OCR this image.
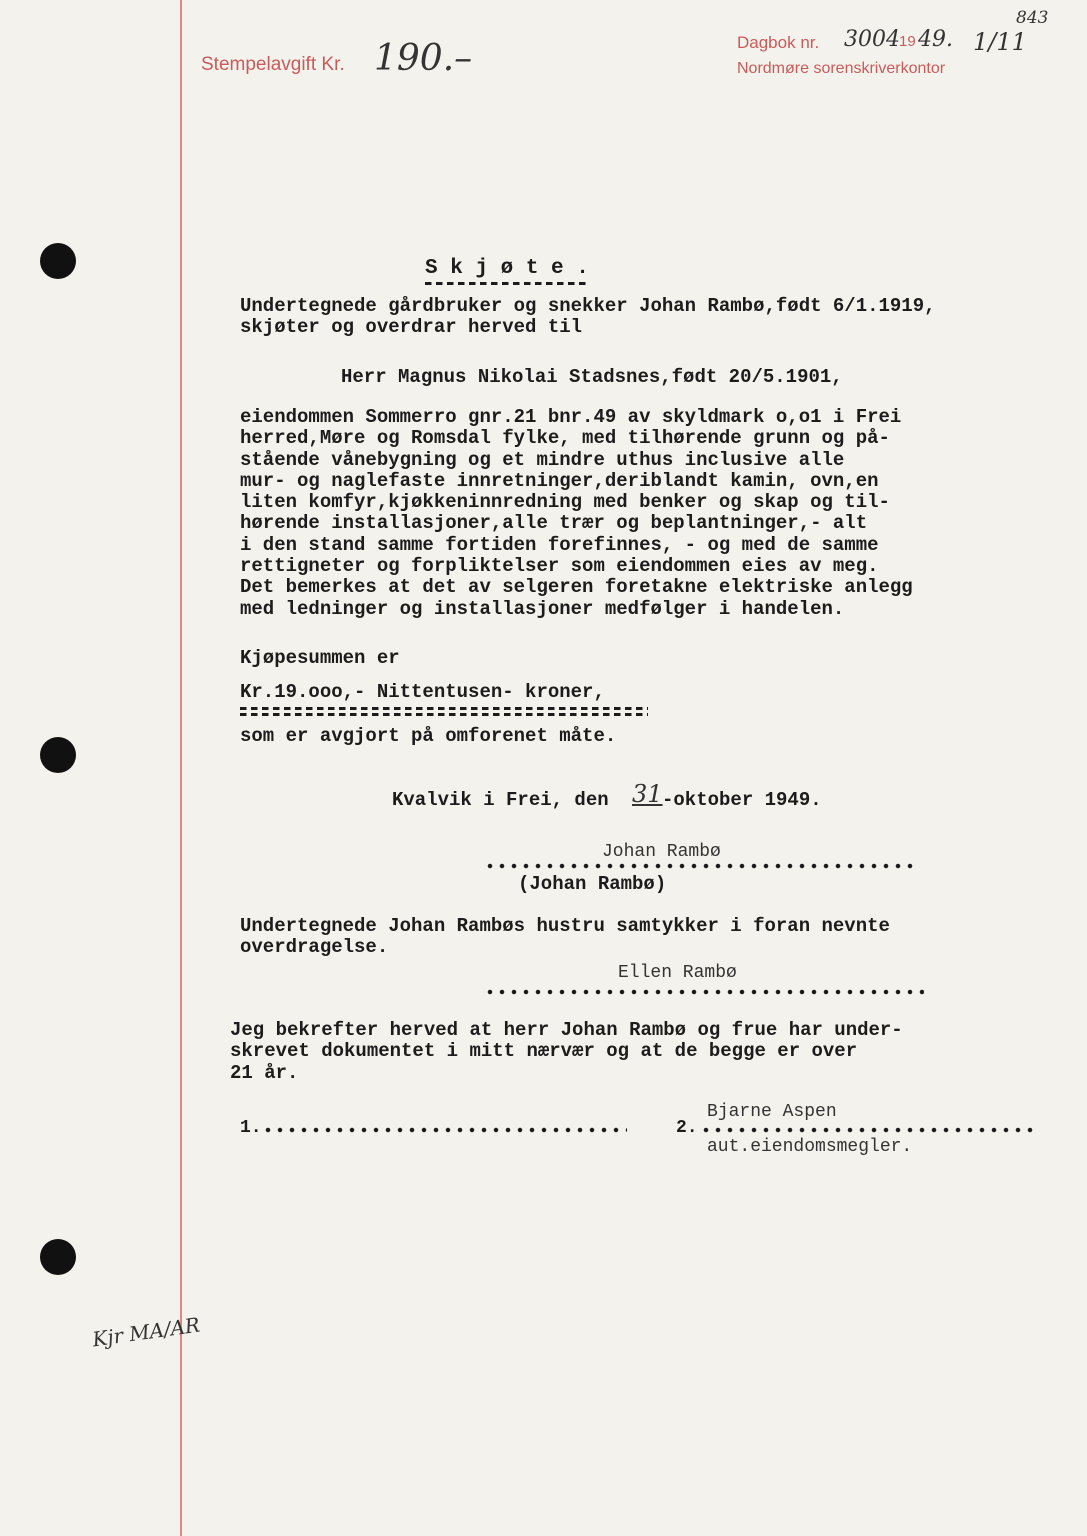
Stempelavgift Kr. 190.–	Dagbok nr. 3004 19 49. 1/11
843
Nordmøre sorenskriverkontor
S k j ø t e .
Undertegnede gårdbruker og snekker Johan Rambø,født 6/1.1919,
skjøter og overdrar herved til
Herr Magnus Nikolai Stadsnes,født 20/5.1901,
eiendommen Sommerro gnr.21 bnr.49 av skyldmark o,o1 i Frei
herred,Møre og Romsdal fylke, med tilhørende grunn og på-
stående vånebygning og et mindre uthus inclusive alle
mur- og naglefaste innretninger,deriblandt kamin, ovn,en
liten komfyr,kjøkkeninnredning med benker og skap og til-
hørende installasjoner,alle trær og beplantninger,- alt
i den stand samme fortiden forefinnes, - og med de samme
rettigneter og forpliktelser som eiendommen eies av meg.
Det bemerkes at det av selgeren foretakne elektriske anlegg
med ledninger og installasjoner medfølger i handelen.
Kjøpesummen er
Kr.19.ooo,- Nittentusen- kroner,
som er avgjort på omforenet måte.
Kvalvik i Frei, den 31 -oktober 1949.
Johan Rambø
(Johan Rambø)
Undertegnede Johan Rambøs hustru samtykker i foran nevnte
overdragelse.
Ellen Rambø
Jeg bekrefter herved at herr Johan Rambø og frue har under-
skrevet dokumentet i mitt nærvær og at de begge er over
21 år.
1.	2.
Bjarne Aspen
aut.eiendomsmegler.
Kjr MA/AR
